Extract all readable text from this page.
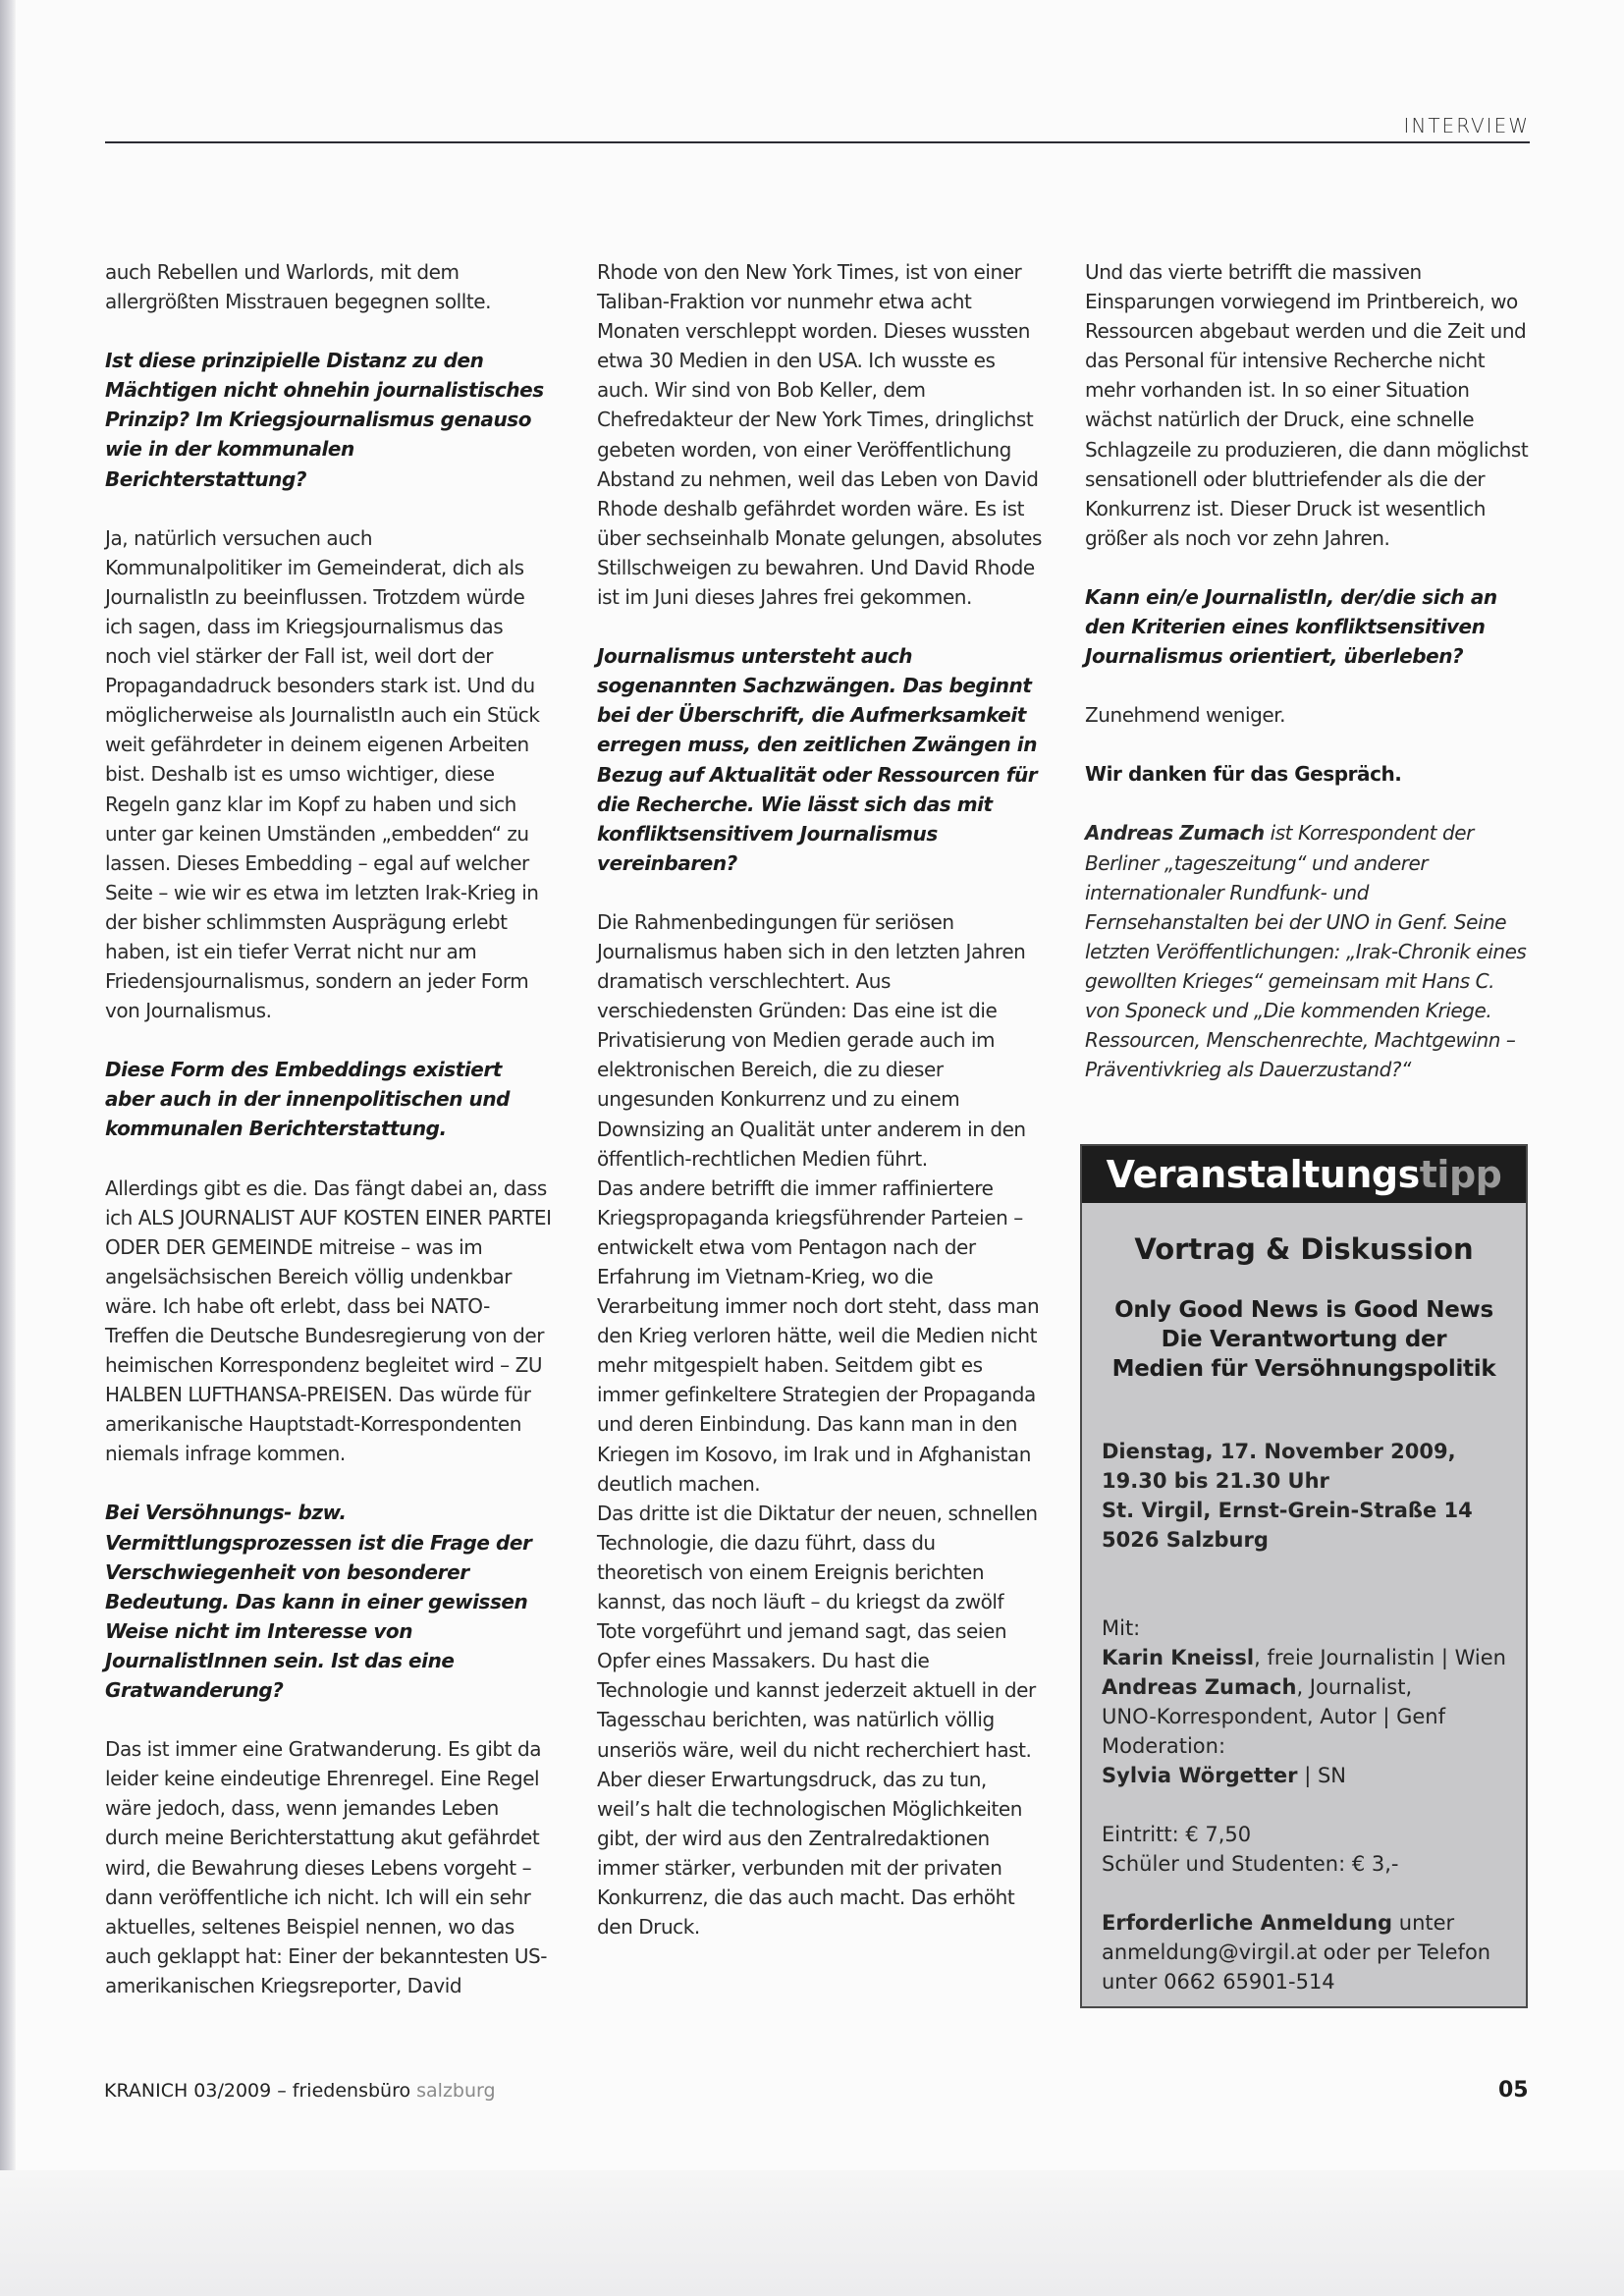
INTERVIEW

auch Rebellen und Warlords, mit dem allergrößten Misstrauen begegnen sollte.

Ist diese prinzipielle Distanz zu den Mächtigen nicht ohnehin journalistisches Prinzip? Im Kriegsjournalismus genauso wie in der kommunalen Berichterstattung?

Ja, natürlich versuchen auch Kommunalpolitiker im Gemeinderat, dich als JournalistIn zu beeinflussen. Trotzdem würde ich sagen, dass im Kriegsjournalismus das noch viel stärker der Fall ist, weil dort der Propagandadruck besonders stark ist. Und du möglicherweise als JournalistIn auch ein Stück weit gefährdeter in deinem eigenen Arbeiten bist. Deshalb ist es umso wichtiger, diese Regeln ganz klar im Kopf zu haben und sich unter gar keinen Umständen „embedden“ zu lassen. Dieses Embedding – egal auf welcher Seite – wie wir es etwa im letzten Irak-Krieg in der bisher schlimmsten Ausprägung erlebt haben, ist ein tiefer Verrat nicht nur am Friedensjournalismus, sondern an jeder Form von Journalismus.

Diese Form des Embeddings existiert aber auch in der innenpolitischen und kommunalen Berichterstattung.

Allerdings gibt es die. Das fängt dabei an, dass ich ALS JOURNALIST AUF KOSTEN EINER PARTEI ODER DER GEMEINDE mitreise – was im angelsächsischen Bereich völlig undenkbar wäre. Ich habe oft erlebt, dass bei NATO-Treffen die Deutsche Bundesregierung von der heimischen Korrespondenz begleitet wird – ZU HALBEN LUFTHANSA-PREISEN. Das würde für amerikanische Hauptstadt-Korrespondenten niemals infrage kommen.

Bei Versöhnungs- bzw. Vermittlungsprozessen ist die Frage der Verschwiegenheit von besonderer Bedeutung. Das kann in einer gewissen Weise nicht im Interesse von JournalistInnen sein. Ist das eine Gratwanderung?

Das ist immer eine Gratwanderung. Es gibt da leider keine eindeutige Ehrenregel. Eine Regel wäre jedoch, dass, wenn jemandes Leben durch meine Berichterstattung akut gefährdet wird, die Bewahrung dieses Lebens vorgeht – dann veröffentliche ich nicht. Ich will ein sehr aktuelles, seltenes Beispiel nennen, wo das auch geklappt hat: Einer der bekanntesten US-amerikanischen Kriegsreporter, David

Rhode von den New York Times, ist von einer Taliban-Fraktion vor nunmehr etwa acht Monaten verschleppt worden. Dieses wussten etwa 30 Medien in den USA. Ich wusste es auch. Wir sind von Bob Keller, dem Chefredakteur der New York Times, dringlichst gebeten worden, von einer Veröffentlichung Abstand zu nehmen, weil das Leben von David Rhode deshalb gefährdet worden wäre. Es ist über sechseinhalb Monate gelungen, absolutes Stillschweigen zu bewahren. Und David Rhode ist im Juni dieses Jahres frei gekommen.

Journalismus untersteht auch sogenannten Sachzwängen. Das beginnt bei der Überschrift, die Aufmerksamkeit erregen muss, den zeitlichen Zwängen in Bezug auf Aktualität oder Ressourcen für die Recherche. Wie lässt sich das mit konfliktsensitivem Journalismus vereinbaren?

Die Rahmenbedingungen für seriösen Journalismus haben sich in den letzten Jahren dramatisch verschlechtert. Aus verschiedensten Gründen: Das eine ist die Privatisierung von Medien gerade auch im elektronischen Bereich, die zu dieser ungesunden Konkurrenz und zu einem Downsizing an Qualität unter anderem in den öffentlich-rechtlichen Medien führt.

Das andere betrifft die immer raffiniertere Kriegspropaganda kriegsführender Parteien – entwickelt etwa vom Pentagon nach der Erfahrung im Vietnam-Krieg, wo die Verarbeitung immer noch dort steht, dass man den Krieg verloren hätte, weil die Medien nicht mehr mitgespielt haben. Seitdem gibt es immer gefinkeltere Strategien der Propaganda und deren Einbindung. Das kann man in den Kriegen im Kosovo, im Irak und in Afghanistan deutlich machen.

Das dritte ist die Diktatur der neuen, schnellen Technologie, die dazu führt, dass du theoretisch von einem Ereignis berichten kannst, das noch läuft – du kriegst da zwölf Tote vorgeführt und jemand sagt, das seien Opfer eines Massakers. Du hast die Technologie und kannst jederzeit aktuell in der Tagesschau berichten, was natürlich völlig unseriös wäre, weil du nicht recherchiert hast. Aber dieser Erwartungsdruck, das zu tun, weil’s halt die technologischen Möglichkeiten gibt, der wird aus den Zentralredaktionen immer stärker, verbunden mit der privaten Konkurrenz, die das auch macht. Das erhöht den Druck.

Und das vierte betrifft die massiven Einsparungen vorwiegend im Printbereich, wo Ressourcen abgebaut werden und die Zeit und das Personal für intensive Recherche nicht mehr vorhanden ist. In so einer Situation wächst natürlich der Druck, eine schnelle Schlagzeile zu produzieren, die dann möglichst sensationell oder bluttriefender als die der Konkurrenz ist. Dieser Druck ist wesentlich größer als noch vor zehn Jahren.

Kann ein/e JournalistIn, der/die sich an den Kriterien eines konfliktsensitiven Journalismus orientiert, überleben?

Zunehmend weniger.

Wir danken für das Gespräch.

Andreas Zumach ist Korrespondent der Berliner „tageszeitung“ und anderer internationaler Rundfunk- und Fernsehanstalten bei der UNO in Genf. Seine letzten Veröffentlichungen: „Irak-Chronik eines gewollten Krieges“ gemeinsam mit Hans C. von Sponeck und „Die kommenden Kriege. Ressourcen, Menschenrechte, Machtgewinn – Präventivkrieg als Dauerzustand?“

Veranstaltungstipp
Vortrag & Diskussion
Only Good News is Good News
Die Verantwortung der
Medien für Versöhnungspolitik
Dienstag, 17. November 2009,
19.30 bis 21.30 Uhr
St. Virgil, Ernst-Grein-Straße 14
5026 Salzburg
Mit:
Karin Kneissl, freie Journalistin | Wien
Andreas Zumach, Journalist,
UNO-Korrespondent, Autor | Genf
Moderation:
Sylvia Wörgetter | SN
Eintritt: € 7,50
Schüler und Studenten: € 3,-
Erforderliche Anmeldung unter
anmeldung@virgil.at oder per Telefon
unter 0662 65901-514
KRANICH 03/2009 – friedensbüro salzburg	05
